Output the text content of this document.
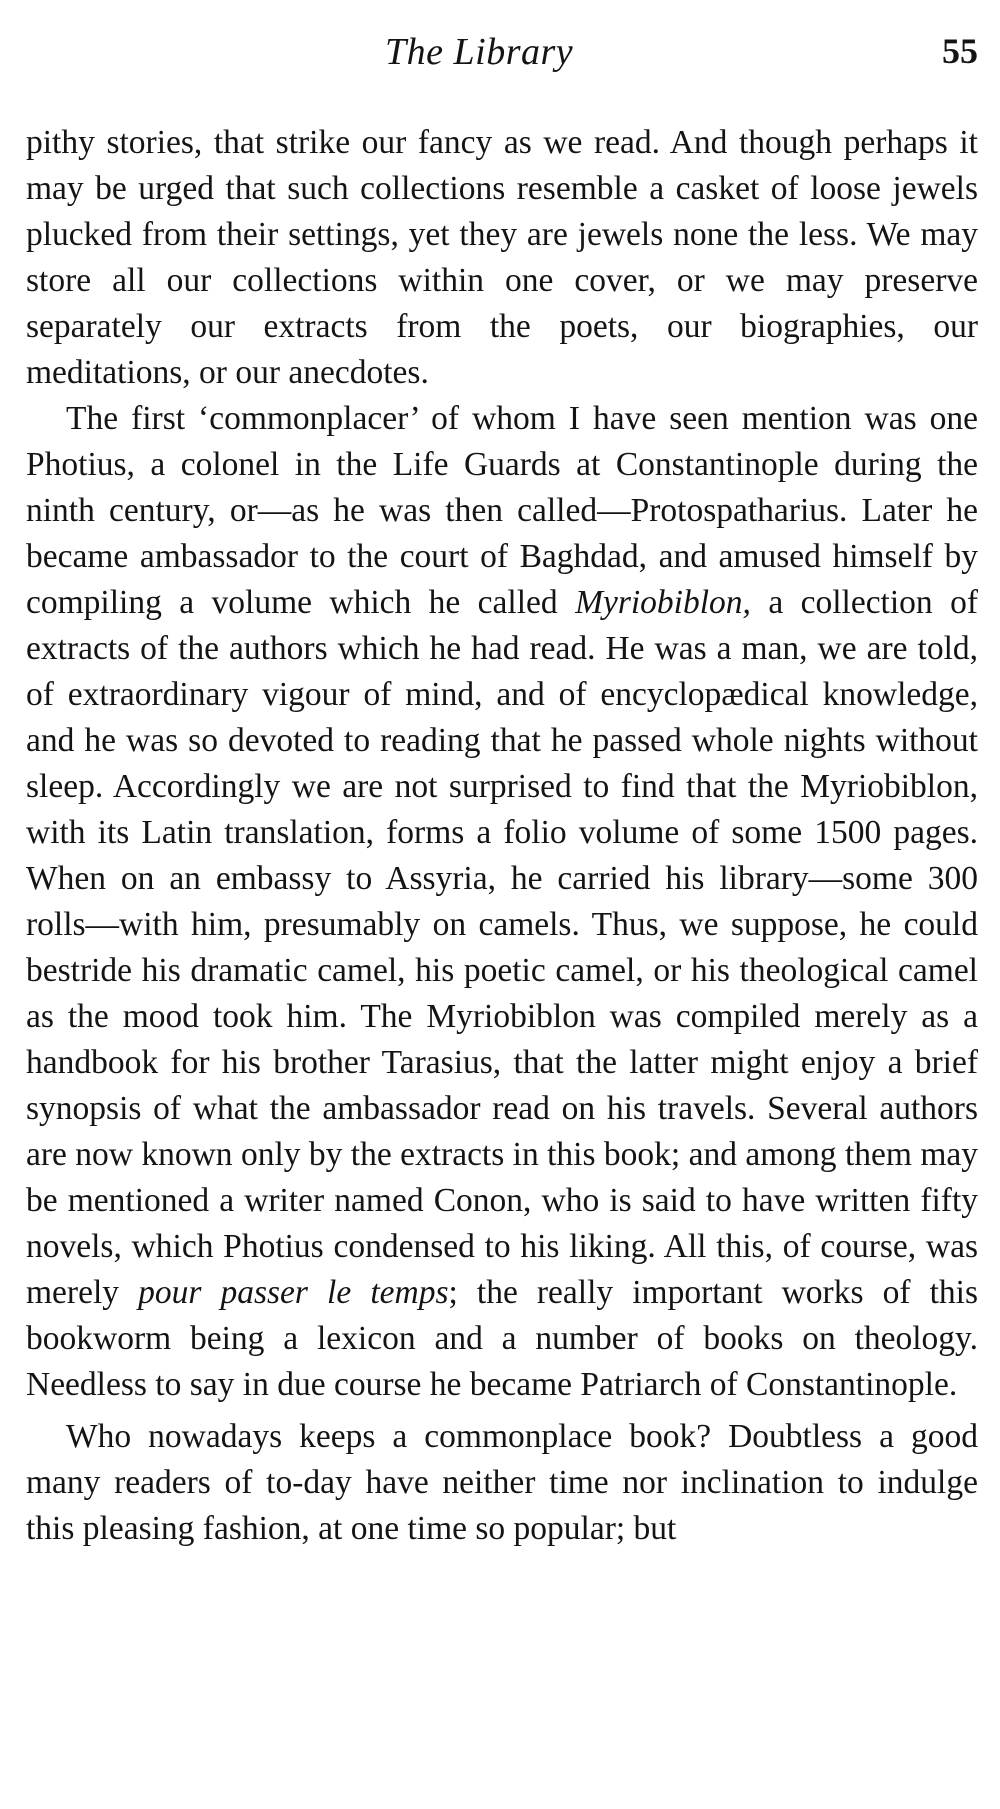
The Library	55

pithy stories, that strike our fancy as we read. And though perhaps it may be urged that such collections resemble a casket of loose jewels plucked from their settings, yet they are jewels none the less. We may store all our collections within one cover, or we may preserve separately our extracts from the poets, our biographies, our meditations, or our anecdotes.

The first ‘commonplacer’ of whom I have seen mention was one Photius, a colonel in the Life Guards at Constantinople during the ninth century, or—as he was then called—Protospatharius. Later he became ambassador to the court of Baghdad, and amused himself by compiling a volume which he called Myriobiblon, a collection of extracts of the authors which he had read. He was a man, we are told, of extraordinary vigour of mind, and of encyclopædical knowledge, and he was so devoted to reading that he passed whole nights without sleep. Accordingly we are not surprised to find that the Myriobiblon, with its Latin translation, forms a folio volume of some 1500 pages. When on an embassy to Assyria, he carried his library—some 300 rolls—with him, presumably on camels. Thus, we suppose, he could bestride his dramatic camel, his poetic camel, or his theological camel as the mood took him. The Myriobiblon was compiled merely as a handbook for his brother Tarasius, that the latter might enjoy a brief synopsis of what the ambassador read on his travels. Several authors are now known only by the extracts in this book; and among them may be mentioned a writer named Conon, who is said to have written fifty novels, which Photius condensed to his liking. All this, of course, was merely pour passer le temps; the really important works of this bookworm being a lexicon and a number of books on theology. Needless to say in due course he became Patriarch of Constantinople.

Who nowadays keeps a commonplace book? Doubtless a good many readers of to-day have neither time nor inclination to indulge this pleasing fashion, at one time so popular; but
